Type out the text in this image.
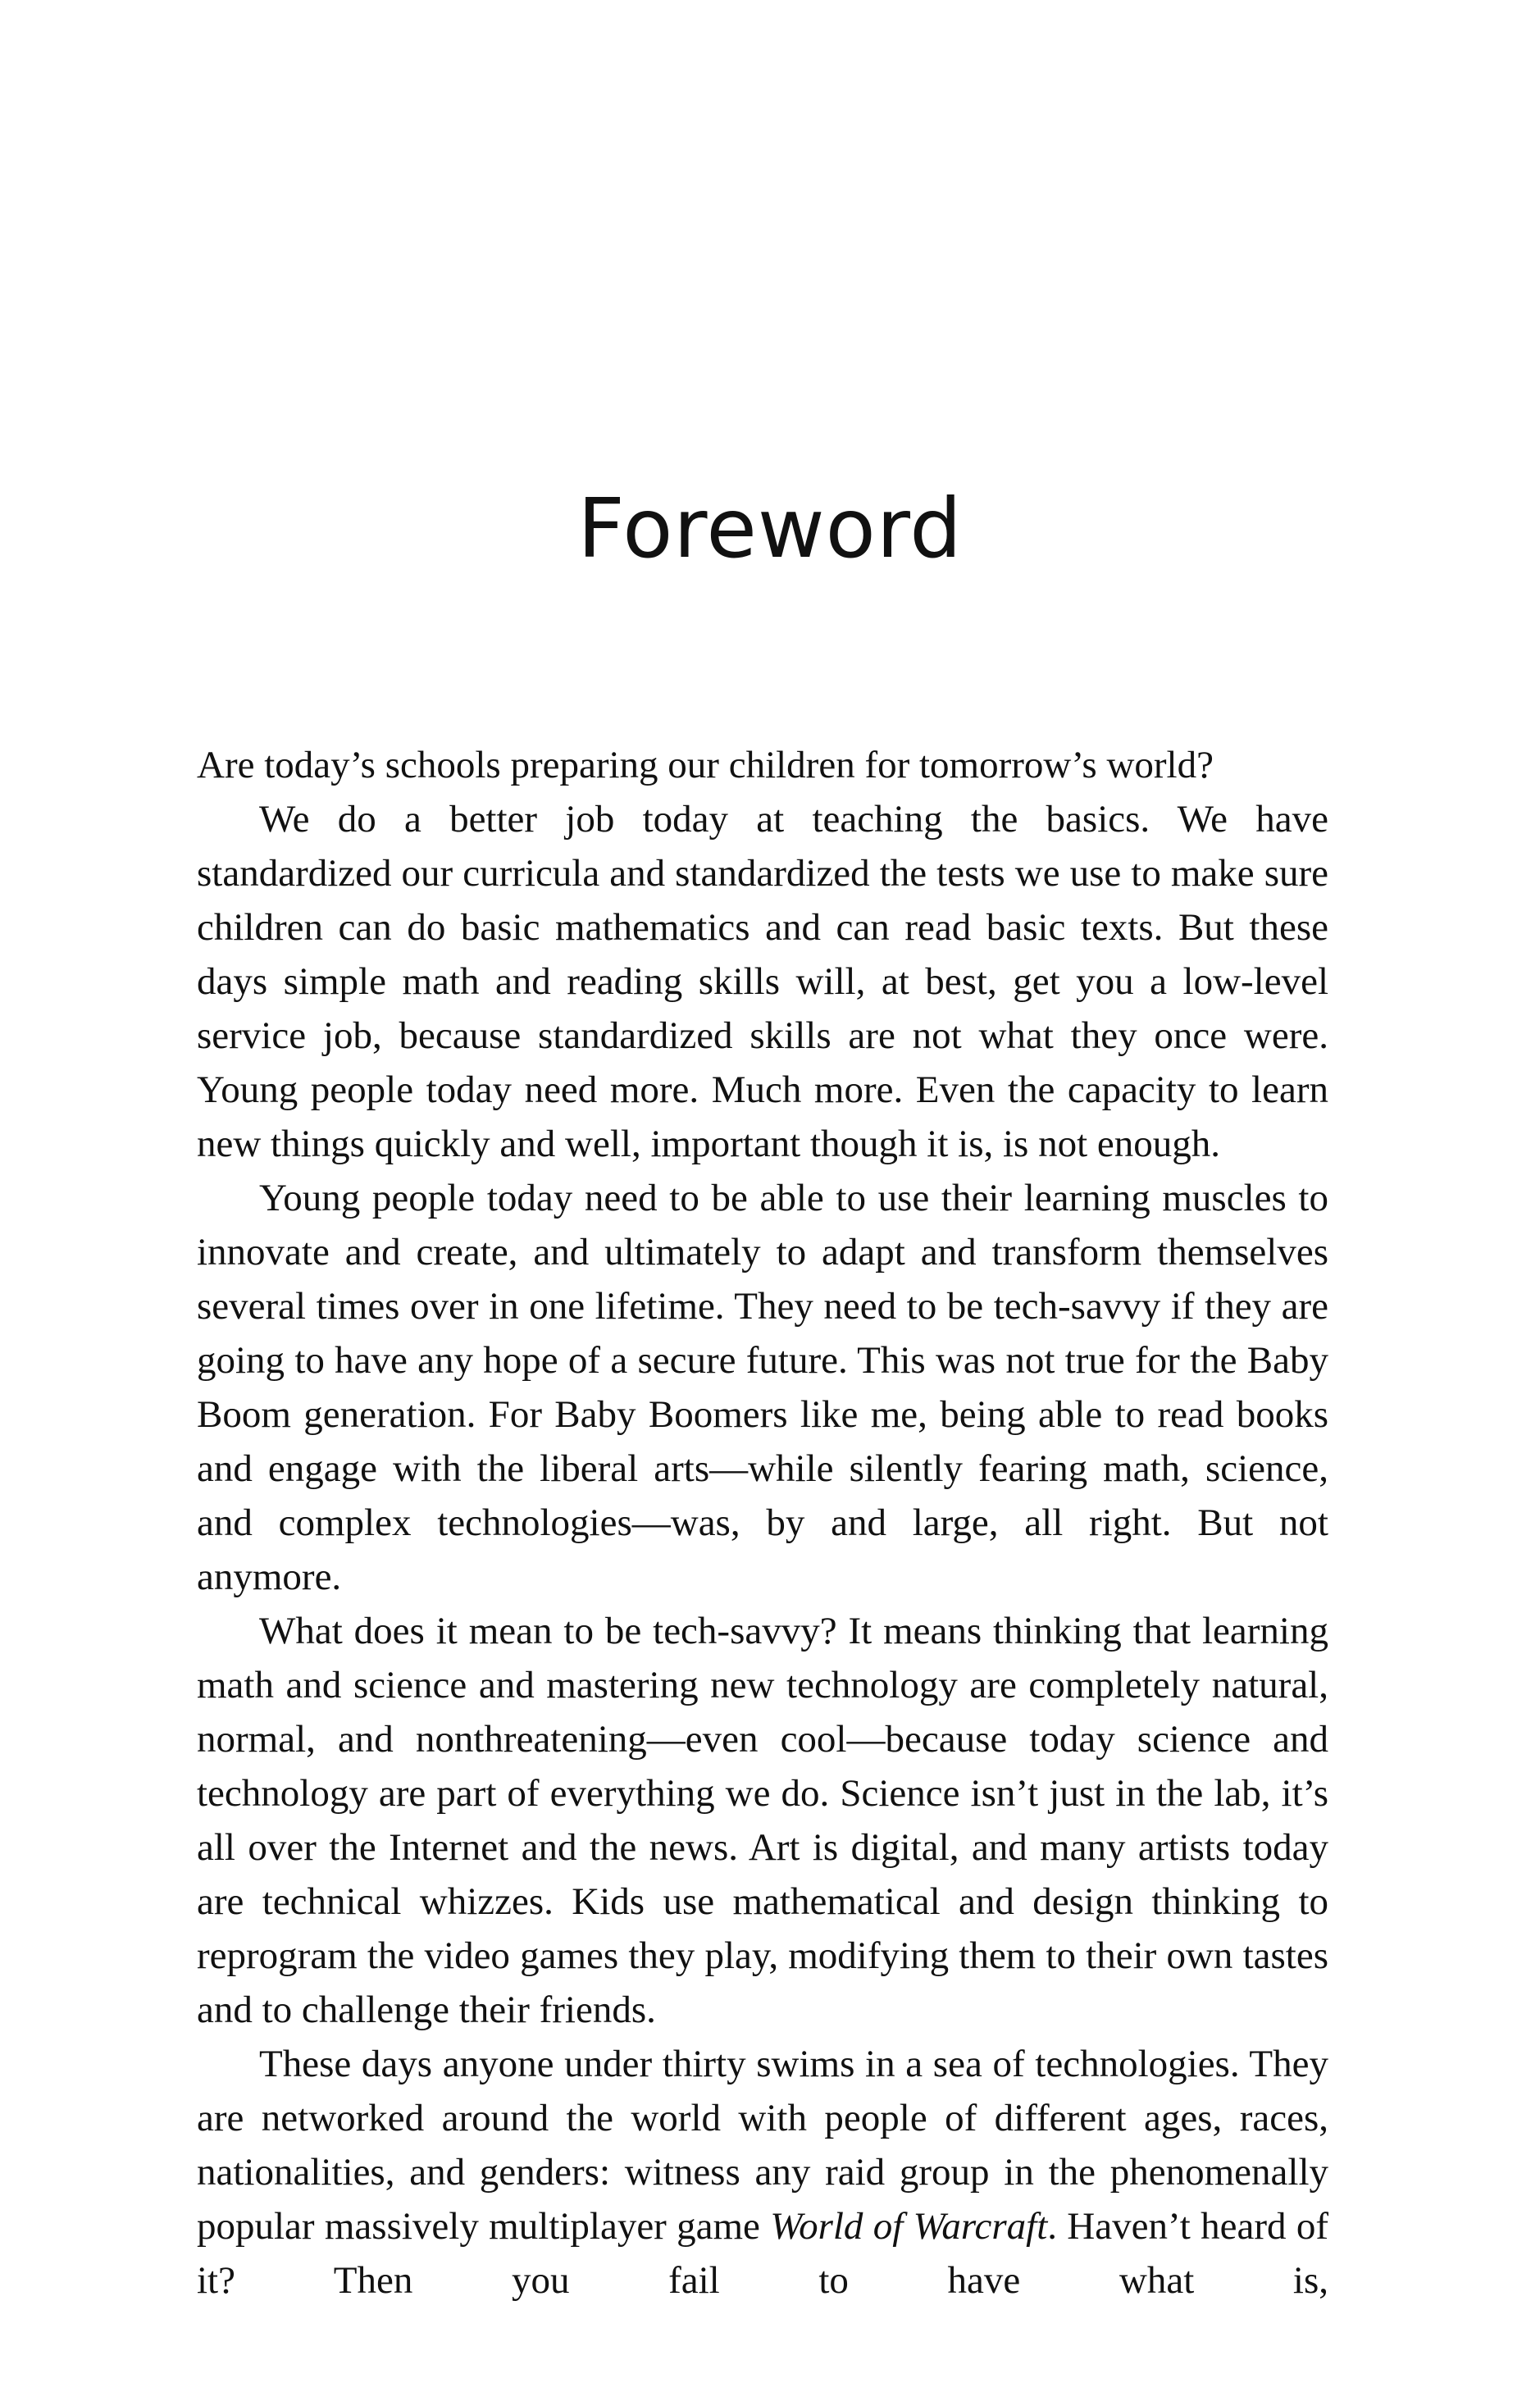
Foreword

Are today’s schools preparing our children for tomorrow’s world?

We do a better job today at teaching the basics. We have standardized our curricula and standardized the tests we use to make sure children can do basic mathematics and can read basic texts. But these days simple math and reading skills will, at best, get you a low-level service job, because standardized skills are not what they once were. Young people today need more. Much more. Even the capacity to learn new things quickly and well, important though it is, is not enough.

Young people today need to be able to use their learning muscles to innovate and create, and ultimately to adapt and transform themselves several times over in one lifetime. They need to be tech-savvy if they are going to have any hope of a secure future. This was not true for the Baby Boom generation. For Baby Boomers like me, being able to read books and engage with the liberal arts—while silently fearing math, science, and complex technologies—was, by and large, all right. But not anymore.

What does it mean to be tech-savvy? It means thinking that learning math and science and mastering new technology are completely natural, normal, and nonthreatening—even cool—because today science and technology are part of everything we do. Science isn’t just in the lab, it’s all over the Internet and the news. Art is digital, and many artists today are technical whizzes. Kids use mathematical and design thinking to reprogram the video games they play, modifying them to their own tastes and to challenge their friends.

These days anyone under thirty swims in a sea of technologies. They are networked around the world with people of different ages, races, nationalities, and genders: witness any raid group in the phenomenally popular massively multiplayer game World of Warcraft. Haven’t heard of it? Then you fail to have what is,
